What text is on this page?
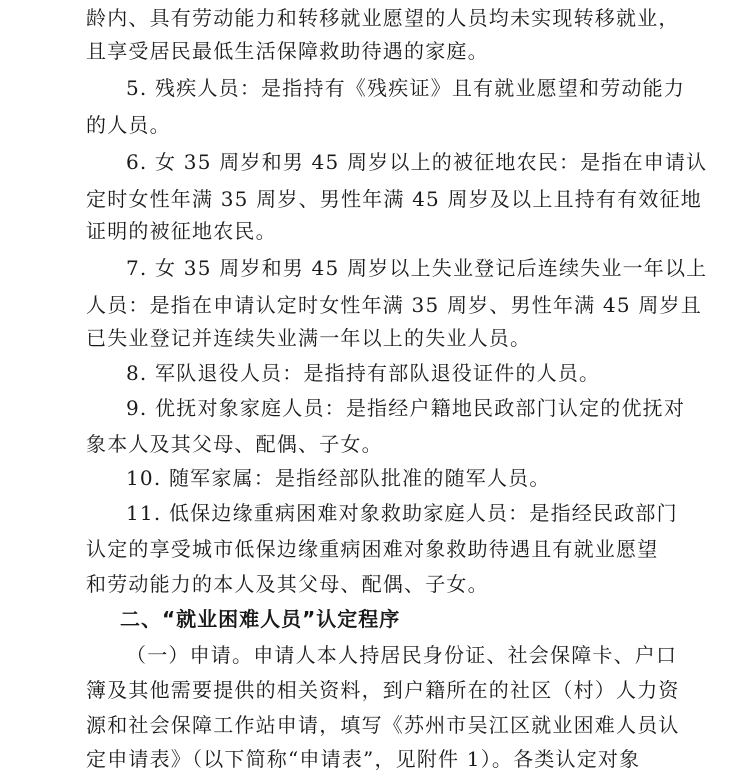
龄内、具有劳动能力和转移就业愿望的人员均未实现转移就业，
且享受居民最低生活保障救助待遇的家庭。
5. 残疾人员：是指持有《残疾证》且有就业愿望和劳动能力
的人员。
6. 女 35 周岁和男 45 周岁以上的被征地农民：是指在申请认
定时女性年满 35 周岁、男性年满 45 周岁及以上且持有有效征地
证明的被征地农民。
7. 女 35 周岁和男 45 周岁以上失业登记后连续失业一年以上
人员：是指在申请认定时女性年满 35 周岁、男性年满 45 周岁且
已失业登记并连续失业满一年以上的失业人员。
8. 军队退役人员：是指持有部队退役证件的人员。
9. 优抚对象家庭人员：是指经户籍地民政部门认定的优抚对
象本人及其父母、配偶、子女。
10. 随军家属：是指经部队批准的随军人员。
11. 低保边缘重病困难对象救助家庭人员：是指经民政部门
认定的享受城市低保边缘重病困难对象救助待遇且有就业愿望
和劳动能力的本人及其父母、配偶、子女。
二、“就业困难人员”认定程序
（一）申请。申请人本人持居民身份证、社会保障卡、户口
簿及其他需要提供的相关资料，到户籍所在的社区（村）人力资
源和社会保障工作站申请，填写《苏州市吴江区就业困难人员认
定申请表》（以下简称“申请表”，见附件 1）。各类认定对象
